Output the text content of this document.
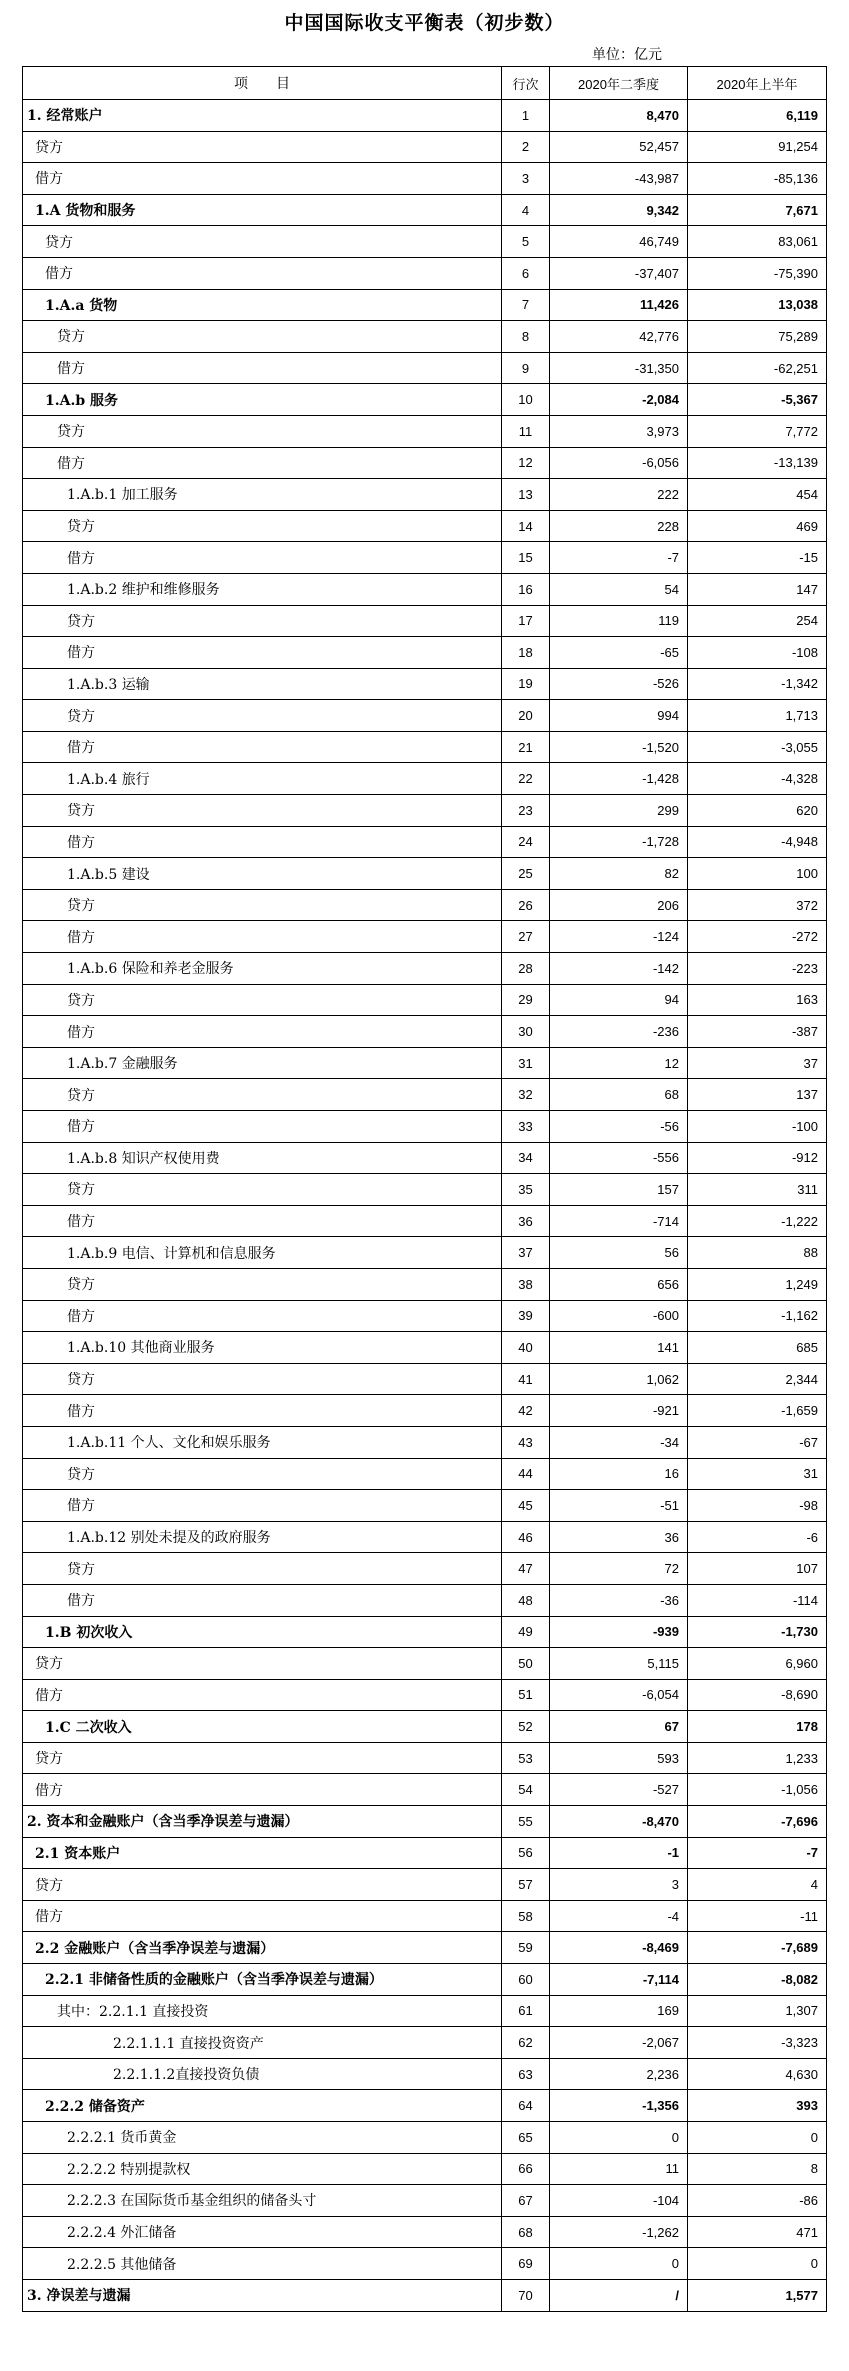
中国国际收支平衡表（初步数）
单位：亿元
项　　目	行次	2020年二季度	2020年上半年
1. 经常账户	1	8,470	6,119
贷方	2	52,457	91,254
借方	3	-43,987	-85,136
1.A 货物和服务	4	9,342	7,671
贷方	5	46,749	83,061
借方	6	-37,407	-75,390
1.A.a 货物	7	11,426	13,038
贷方	8	42,776	75,289
借方	9	-31,350	-62,251
1.A.b 服务	10	-2,084	-5,367
贷方	11	3,973	7,772
借方	12	-6,056	-13,139
1.A.b.1 加工服务	13	222	454
贷方	14	228	469
借方	15	-7	-15
1.A.b.2 维护和维修服务	16	54	147
贷方	17	119	254
借方	18	-65	-108
1.A.b.3 运输	19	-526	-1,342
贷方	20	994	1,713
借方	21	-1,520	-3,055
1.A.b.4 旅行	22	-1,428	-4,328
贷方	23	299	620
借方	24	-1,728	-4,948
1.A.b.5 建设	25	82	100
贷方	26	206	372
借方	27	-124	-272
1.A.b.6 保险和养老金服务	28	-142	-223
贷方	29	94	163
借方	30	-236	-387
1.A.b.7 金融服务	31	12	37
贷方	32	68	137
借方	33	-56	-100
1.A.b.8 知识产权使用费	34	-556	-912
贷方	35	157	311
借方	36	-714	-1,222
1.A.b.9 电信、计算机和信息服务	37	56	88
贷方	38	656	1,249
借方	39	-600	-1,162
1.A.b.10 其他商业服务	40	141	685
贷方	41	1,062	2,344
借方	42	-921	-1,659
1.A.b.11 个人、文化和娱乐服务	43	-34	-67
贷方	44	16	31
借方	45	-51	-98
1.A.b.12 别处未提及的政府服务	46	36	-6
贷方	47	72	107
借方	48	-36	-114
1.B 初次收入	49	-939	-1,730
贷方	50	5,115	6,960
借方	51	-6,054	-8,690
1.C 二次收入	52	67	178
贷方	53	593	1,233
借方	54	-527	-1,056
2. 资本和金融账户（含当季净误差与遗漏）	55	-8,470	-7,696
2.1 资本账户	56	-1	-7
贷方	57	3	4
借方	58	-4	-11
2.2 金融账户（含当季净误差与遗漏）	59	-8,469	-7,689
2.2.1 非储备性质的金融账户（含当季净误差与遗漏）	60	-7,114	-8,082
其中：2.2.1.1 直接投资	61	169	1,307
2.2.1.1.1 直接投资资产	62	-2,067	-3,323
2.2.1.1.2直接投资负债	63	2,236	4,630
2.2.2 储备资产	64	-1,356	393
2.2.2.1 货币黄金	65	0	0
2.2.2.2 特别提款权	66	11	8
2.2.2.3 在国际货币基金组织的储备头寸	67	-104	-86
2.2.2.4 外汇储备	68	-1,262	471
2.2.2.5 其他储备	69	0	0
3. 净误差与遗漏	70	/	1,577
